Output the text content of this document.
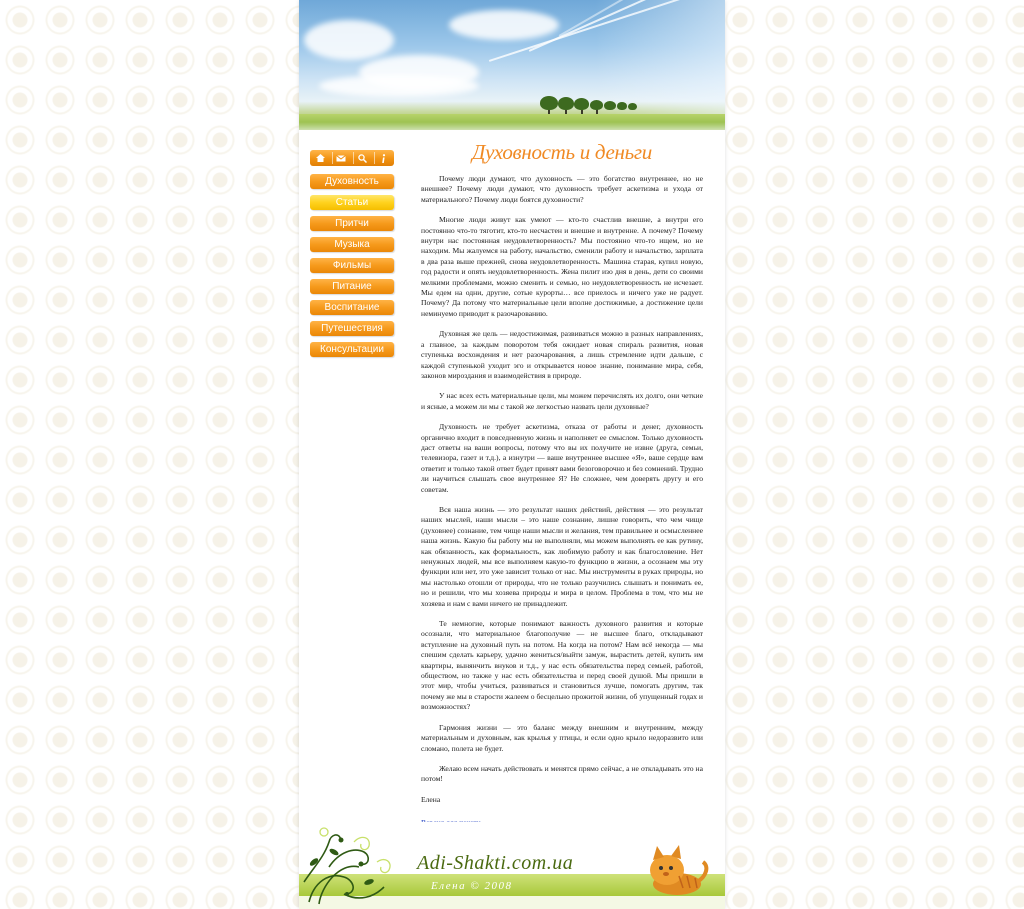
Духовность
Статьи
Притчи
Музыка
Фильмы
Питание
Воспитание
Путешествия
Консультации
Духовность и деньги

Почему люди думают, что духовность — это богатство внутреннее, но не внешнее? Почему люди думают, что духовность требует аскетизма и ухода от материального? Почему люди боятся духовности?

Многие люди живут как умеют — кто-то счастлив внешне, а внутри его постоянно что-то тяготит, кто-то несчастен и внешне и внутренне. А почему? Почему внутри нас постоянная неудовлетворенность? Мы постоянно что-то ищем, но не находим. Мы жалуемся на работу, начальство, сменили работу и начальство, зарплата в два раза выше прежней, снова неудовлетворенность. Машина старая, купил новую, год радости и опять неудовлетворенность. Жена пилит изо дня в день, дети со своими мелкими проблемами, можно сменить и семью, но неудовлетворенность не исчезает. Мы едем на одни, другие, сотые курорты… все приелось и ничего уже не радует. Почему? Да потому что материальные цели вполне достижимые, а достижение цели неминуемо приводит к разочарованию.

Духовная же цель — недостижимая, развиваться можно в разных направлениях, а главное, за каждым поворотом тебя ожидает новая спираль развития, новая ступенька восхождения и нет разочарования, а лишь стремление идти дальше, с каждой ступенькой уходит эго и открывается новое знание, понимание мира, себя, законов мироздания и взаимодействия в природе.

У нас всех есть материальные цели, мы можем перечислять их долго, они четкие и ясные, а можем ли мы с такой же легкостью назвать цели духовные?

Духовность не требует аскетизма, отказа от работы и денег, духовность органично входит в повседневную жизнь и наполняет ее смыслом. Только духовность даст ответы на ваши вопросы, потому что вы их получите не извне (друга, семьи, телевизора, газет и т.д.), а изнутри — ваше внутреннее высшее «Я», ваше сердце вам ответит и только такой ответ будет принят вами безоговорочно и без сомнений. Трудно ли научиться слышать свое внутреннее Я? Не сложнее, чем доверять другу и его советам.

Вся наша жизнь — это результат наших действий, действия — это результат наших мыслей, наши мысли – это наше сознание, лишне говорить, что чем чище (духовнее) сознание, тем чище наши мысли и желания, тем правильнее и осмысленнее наша жизнь. Какую бы работу мы не выполняли, мы можем выполнять ее как рутину, как обязанность, как формальность, как любимую работу и как благословение. Нет ненужных людей, мы все выполняем какую-то функцию в жизни, а осознаем мы эту функции или нет, это уже зависит только от нас. Мы инструменты в руках природы, но мы настолько отошли от природы, что не только разучились слышать и понимать ее, но и решили, что мы хозяева природы и мира в целом. Проблема в том, что мы не хозяева и нам с вами ничего не принадлежит.

Те немногие, которые понимают важность духовного развития и которые осознали, что материальное благополучие — не высшее благо, откладывают вступление на духовный путь на потом. На когда на потом? Нам всё некогда — мы спешим сделать карьеру, удачно жениться/выйти замуж, вырастить детей, купить им квартиры, вынянчить внуков и т.д., у нас есть обязательства перед семьей, работой, обществом, но также у нас есть обязательства и перед своей душой. Мы пришли в этот мир, чтобы учиться, развиваться и становиться лучше, помогать другим, так почему же мы в старости жалеем о бесцельно прожитой жизни, об упущенный годах и возможностях?

Гармония жизни — это баланс между внешним и внутренним, между материальным и духовным, как крылья у птицы, и если одно крыло недоразвито или сломано, полета не будет.

Желаю всем начать действовать и менятся прямо сейчас, а не откладывать это на потом!

Елена

Adi-Shakti.com.ua
Елена © 2008
